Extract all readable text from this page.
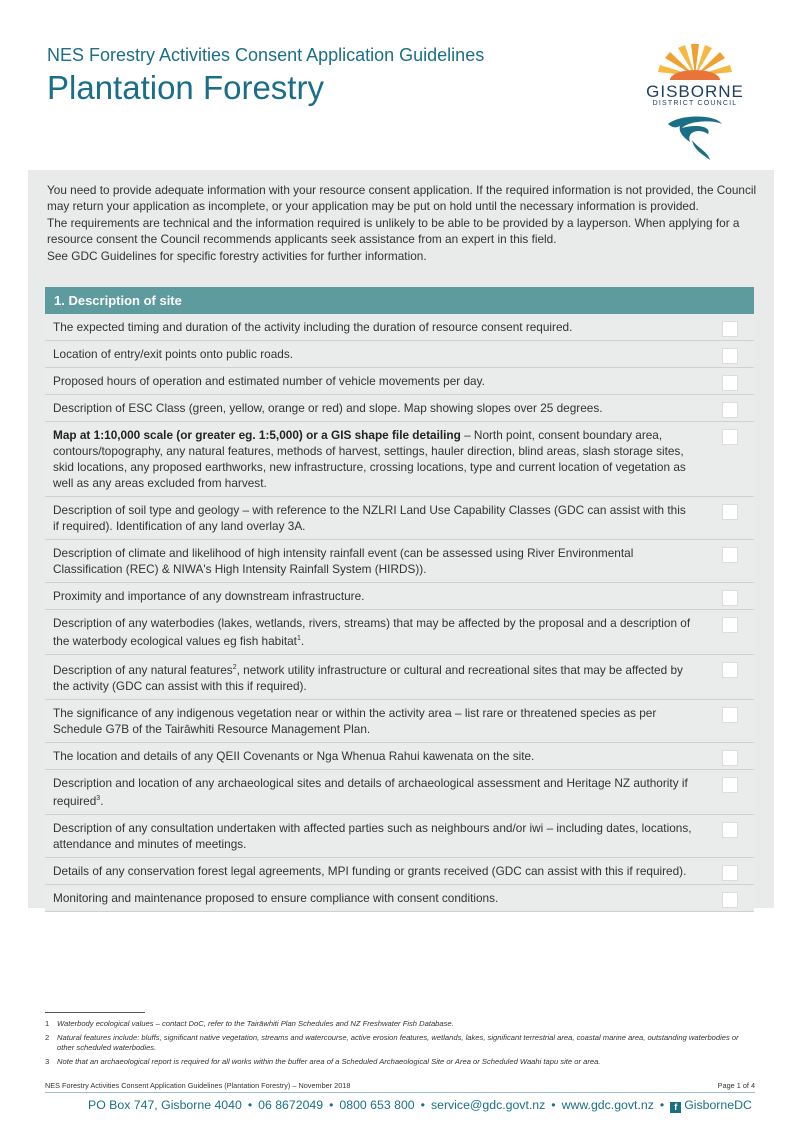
NES Forestry Activities Consent Application Guidelines
Plantation Forestry	GISBORNE
DISTRICT COUNCIL

You need to provide adequate information with your resource consent application. If the required information is not provided, the Council may return your application as incomplete, or your application may be put on hold until the necessary information is provided.

The requirements are technical and the information required is unlikely to be able to be provided by a layperson. When applying for a resource consent the Council recommends applicants seek assistance from an expert in this field.

See GDC Guidelines for specific forestry activities for further information.

1. Description of site
The expected timing and duration of the activity including the duration of resource consent required.
Location of entry/exit points onto public roads.
Proposed hours of operation and estimated number of vehicle movements per day.
Description of ESC Class (green, yellow, orange or red) and slope. Map showing slopes over 25 degrees.
Map at 1:10,000 scale (or greater eg. 1:5,000) or a GIS shape file detailing – North point, consent boundary area, contours/topography, any natural features, methods of harvest, settings, hauler direction, blind areas, slash storage sites, skid locations, any proposed earthworks, new infrastructure, crossing locations, type and current location of vegetation as well as any areas excluded from harvest.
Description of soil type and geology – with reference to the NZLRI Land Use Capability Classes (GDC can assist with this if required). Identification of any land overlay 3A.
Description of climate and likelihood of high intensity rainfall event (can be assessed using River Environmental Classification (REC) & NIWA's High Intensity Rainfall System (HIRDS)).
Proximity and importance of any downstream infrastructure.
Description of any waterbodies (lakes, wetlands, rivers, streams) that may be affected by the proposal and a description of the waterbody ecological values eg fish habitat$^1$.
Description of any natural features$^2$, network utility infrastructure or cultural and recreational sites that may be affected by the activity (GDC can assist with this if required).
The significance of any indigenous vegetation near or within the activity area – list rare or threatened species as per Schedule G7B of the Tairāwhiti Resource Management Plan.
The location and details of any QEII Covenants or Nga Whenua Rahui kawenata on the site.
Description and location of any archaeological sites and details of archaeological assessment and Heritage NZ authority if required$^3$.
Description of any consultation undertaken with affected parties such as neighbours and/or iwi – including dates, locations, attendance and minutes of meetings.
Details of any conservation forest legal agreements, MPI funding or grants received (GDC can assist with this if required).
Monitoring and maintenance proposed to ensure compliance with consent conditions.
1 Waterbody ecological values – contact DoC, refer to the Tairāwhiti Plan Schedules and NZ Freshwater Fish Database.
2 Natural features include: bluffs, significant native vegetation, streams and watercourse, active erosion features, wetlands, lakes, significant terrestrial area, coastal marine area, outstanding waterbodies or other scheduled waterbodies.
3 Note that an archaeological report is required for all works within the buffer area of a Scheduled Archaeological Site or Area or Scheduled Waahi tapu site or area.
NES Forestry Activities Consent Application Guidelines (Plantation Forestry) – November 2018	Page 1 of 4
PO Box 747, Gisborne 4040 • 06 8672049 • 0800 653 800 • service@gdc.govt.nz • www.gdc.govt.nz • f GisborneDC
